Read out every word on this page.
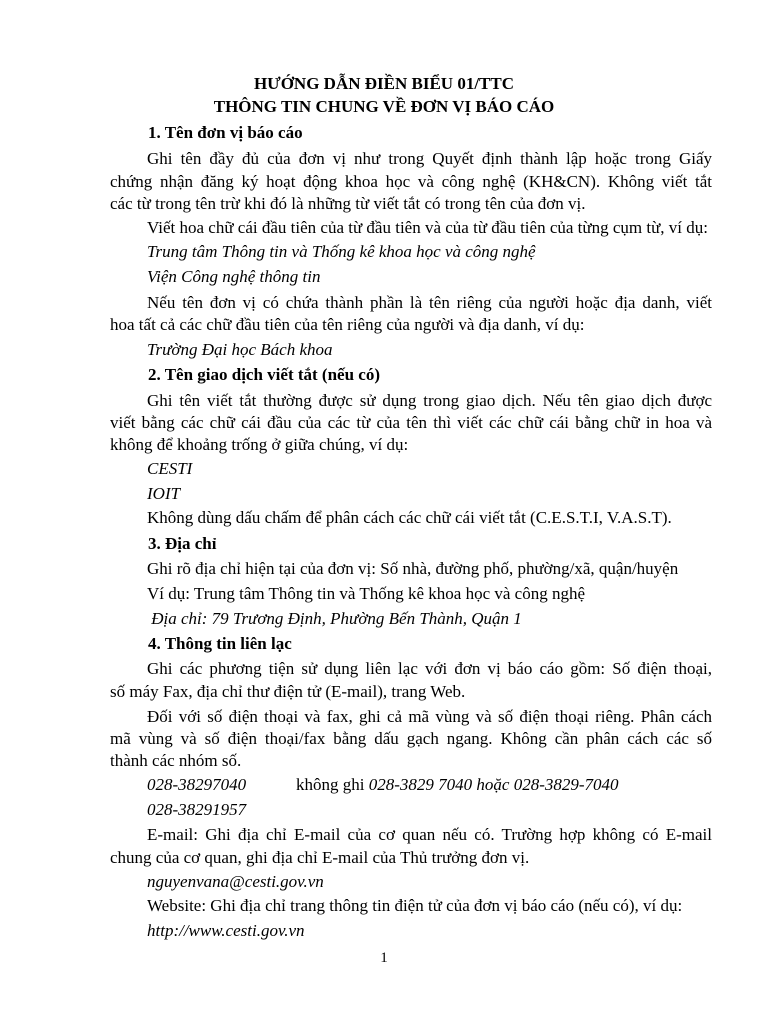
HƯỚNG DẪN ĐIỀN BIỂU 01/TTC
THÔNG TIN CHUNG VỀ ĐƠN VỊ BÁO CÁO
1. Tên đơn vị báo cáo
Ghi tên đầy đủ của đơn vị như trong Quyết định thành lập hoặc trong Giấy
chứng nhận đăng ký hoạt động khoa học và công nghệ (KH&CN). Không viết tắt
các từ trong tên trừ khi đó là những từ viết tắt có trong tên của đơn vị.
Viết hoa chữ cái đầu tiên của từ đầu tiên và của từ đầu tiên của từng cụm từ, ví dụ:
Trung tâm Thông tin và Thống kê khoa học và công nghệ
Viện Công nghệ thông tin
Nếu tên đơn vị có chứa thành phần là tên riêng của người hoặc địa danh, viết
hoa tất cả các chữ đầu tiên của tên riêng của người và địa danh, ví dụ:
Trường Đại học Bách khoa
2. Tên giao dịch viết tắt (nếu có)
Ghi tên viết tắt thường được sử dụng trong giao dịch. Nếu tên giao dịch được
viết bằng các chữ cái đầu của các từ của tên thì viết các chữ cái bằng chữ in hoa và
không để khoảng trống ở giữa chúng, ví dụ:
CESTI
IOIT
Không dùng dấu chấm để phân cách các chữ cái viết tắt (C.E.S.T.I, V.A.S.T).
3. Địa chỉ
Ghi rõ địa chỉ hiện tại của đơn vị: Số nhà, đường phố, phường/xã, quận/huyện
Ví dụ: Trung tâm Thông tin và Thống kê khoa học và công nghệ
Địa chỉ: 79 Trương Định, Phường Bến Thành, Quận 1
4. Thông tin liên lạc
Ghi các phương tiện sử dụng liên lạc với đơn vị báo cáo gồm: Số điện thoại,
số máy Fax, địa chỉ thư điện tử (E-mail), trang Web.
Đối với số điện thoại và fax, ghi cả mã vùng và số điện thoại riêng. Phân cách
mã vùng và số điện thoại/fax bằng dấu gạch ngang. Không cần phân cách các số
thành các nhóm số.
028-38297040	không ghi 028-3829 7040 hoặc 028-3829-7040
028-38291957
E-mail: Ghi địa chỉ E-mail của cơ quan nếu có. Trường hợp không có E-mail
chung của cơ quan, ghi địa chỉ E-mail của Thủ trưởng đơn vị.
nguyenvana@cesti.gov.vn
Website: Ghi địa chỉ trang thông tin điện tử của đơn vị báo cáo (nếu có), ví dụ:
http://www.cesti.gov.vn
1
